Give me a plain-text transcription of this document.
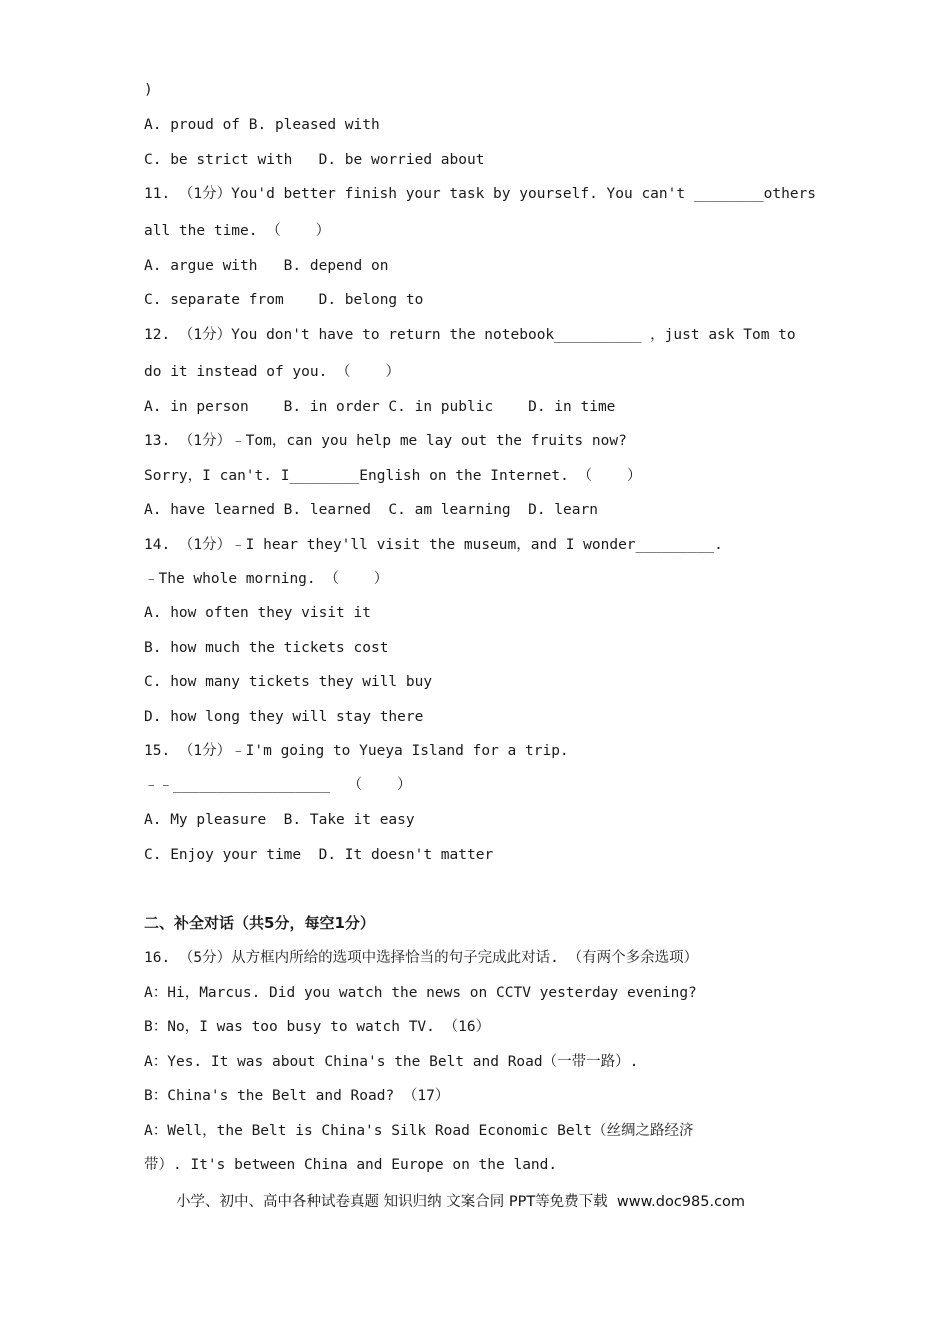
)
A. proud of B. pleased with
C. be strict with   D. be worried about
11. （1分）You'd better finish your task by yourself. You can't ________others
all the time. （    ）
A. argue with   B. depend on
C. separate from    D. belong to
12. （1分）You don't have to return the notebook__________ ，just ask Tom to
do it instead of you. （    ）
A. in person    B. in order C. in public    D. in time
13. （1分）﹣Tom，can you help me lay out the fruits now?
Sorry，I can't. I________English on the Internet. （    ）
A. have learned B. learned  C. am learning  D. learn
14. （1分）﹣I hear they'll visit the museum，and I wonder_________.
﹣The whole morning. （    ）
A. how often they visit it
B. how much the tickets cost
C. how many tickets they will buy
D. how long they will stay there
15. （1分）﹣I'm going to Yueya Island for a trip.
﹣﹣__________________  （    ）
A. My pleasure  B. Take it easy
C. Enjoy your time  D. It doesn't matter
二、补全对话（共5分，每空1分）
16. （5分）从方框内所给的选项中选择恰当的句子完成此对话. （有两个多余选项）
A：Hi，Marcus. Did you watch the news on CCTV yesterday evening?
B：No，I was too busy to watch TV. （16）
A：Yes. It was about China's the Belt and Road（一带一路）.
B：China's the Belt and Road? （17）
A：Well，the Belt is China's Silk Road Economic Belt（丝绸之路经济
带）. It's between China and Europe on the land.
小学、初中、高中各种试卷真题 知识归纳 文案合同 PPT等免费下载  www.doc985.com
